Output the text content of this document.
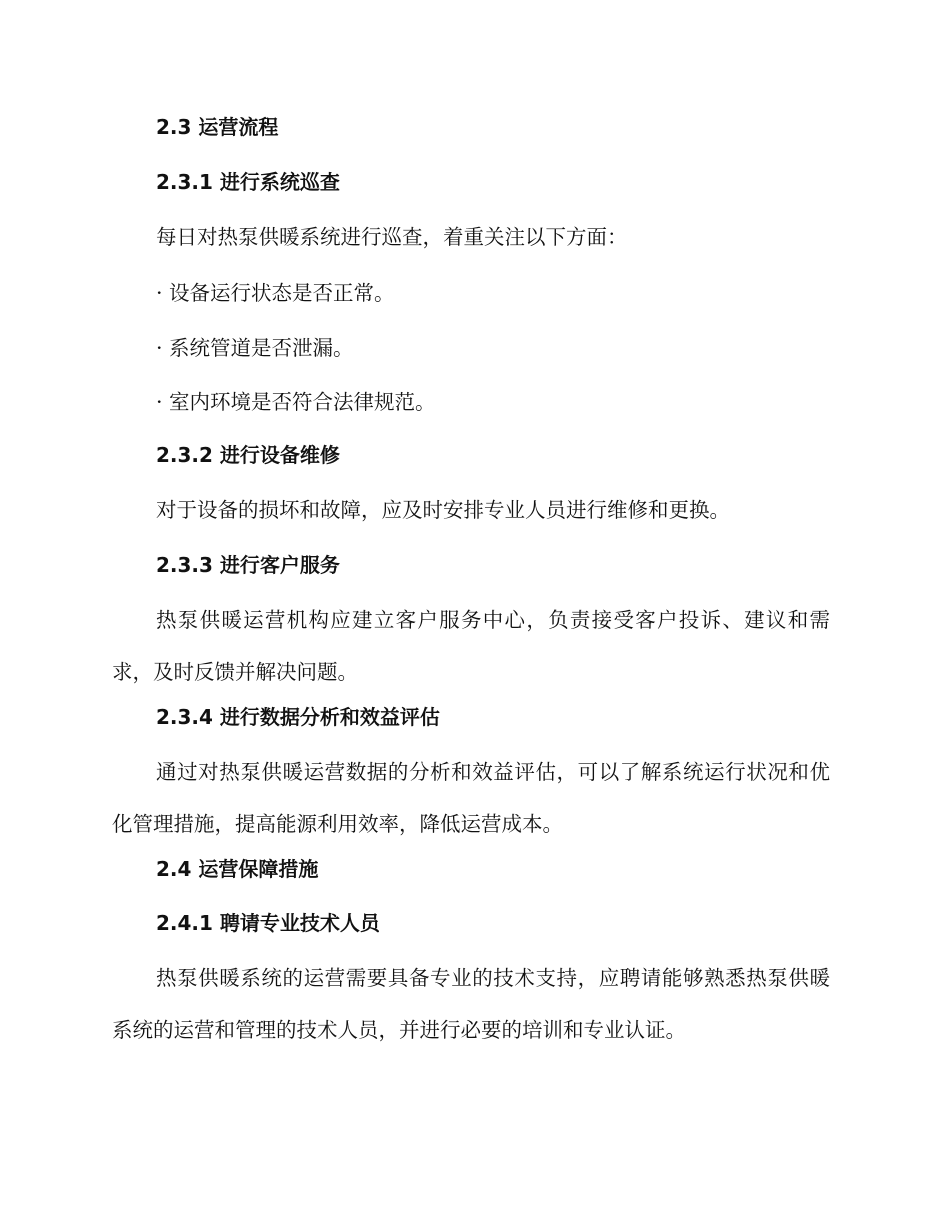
2.3 运营流程
2.3.1 进行系统巡查
每日对热泵供暖系统进行巡查，着重关注以下方面：
· 设备运行状态是否正常。
· 系统管道是否泄漏。
· 室内环境是否符合法律规范。
2.3.2 进行设备维修
对于设备的损坏和故障，应及时安排专业人员进行维修和更换。
2.3.3 进行客户服务
热泵供暖运营机构应建立客户服务中心，负责接受客户投诉、建议和需求，及时反馈并解决问题。
2.3.4 进行数据分析和效益评估
通过对热泵供暖运营数据的分析和效益评估，可以了解系统运行状况和优化管理措施，提高能源利用效率，降低运营成本。
2.4 运营保障措施
2.4.1 聘请专业技术人员
热泵供暖系统的运营需要具备专业的技术支持，应聘请能够熟悉热泵供暖系统的运营和管理的技术人员，并进行必要的培训和专业认证。
